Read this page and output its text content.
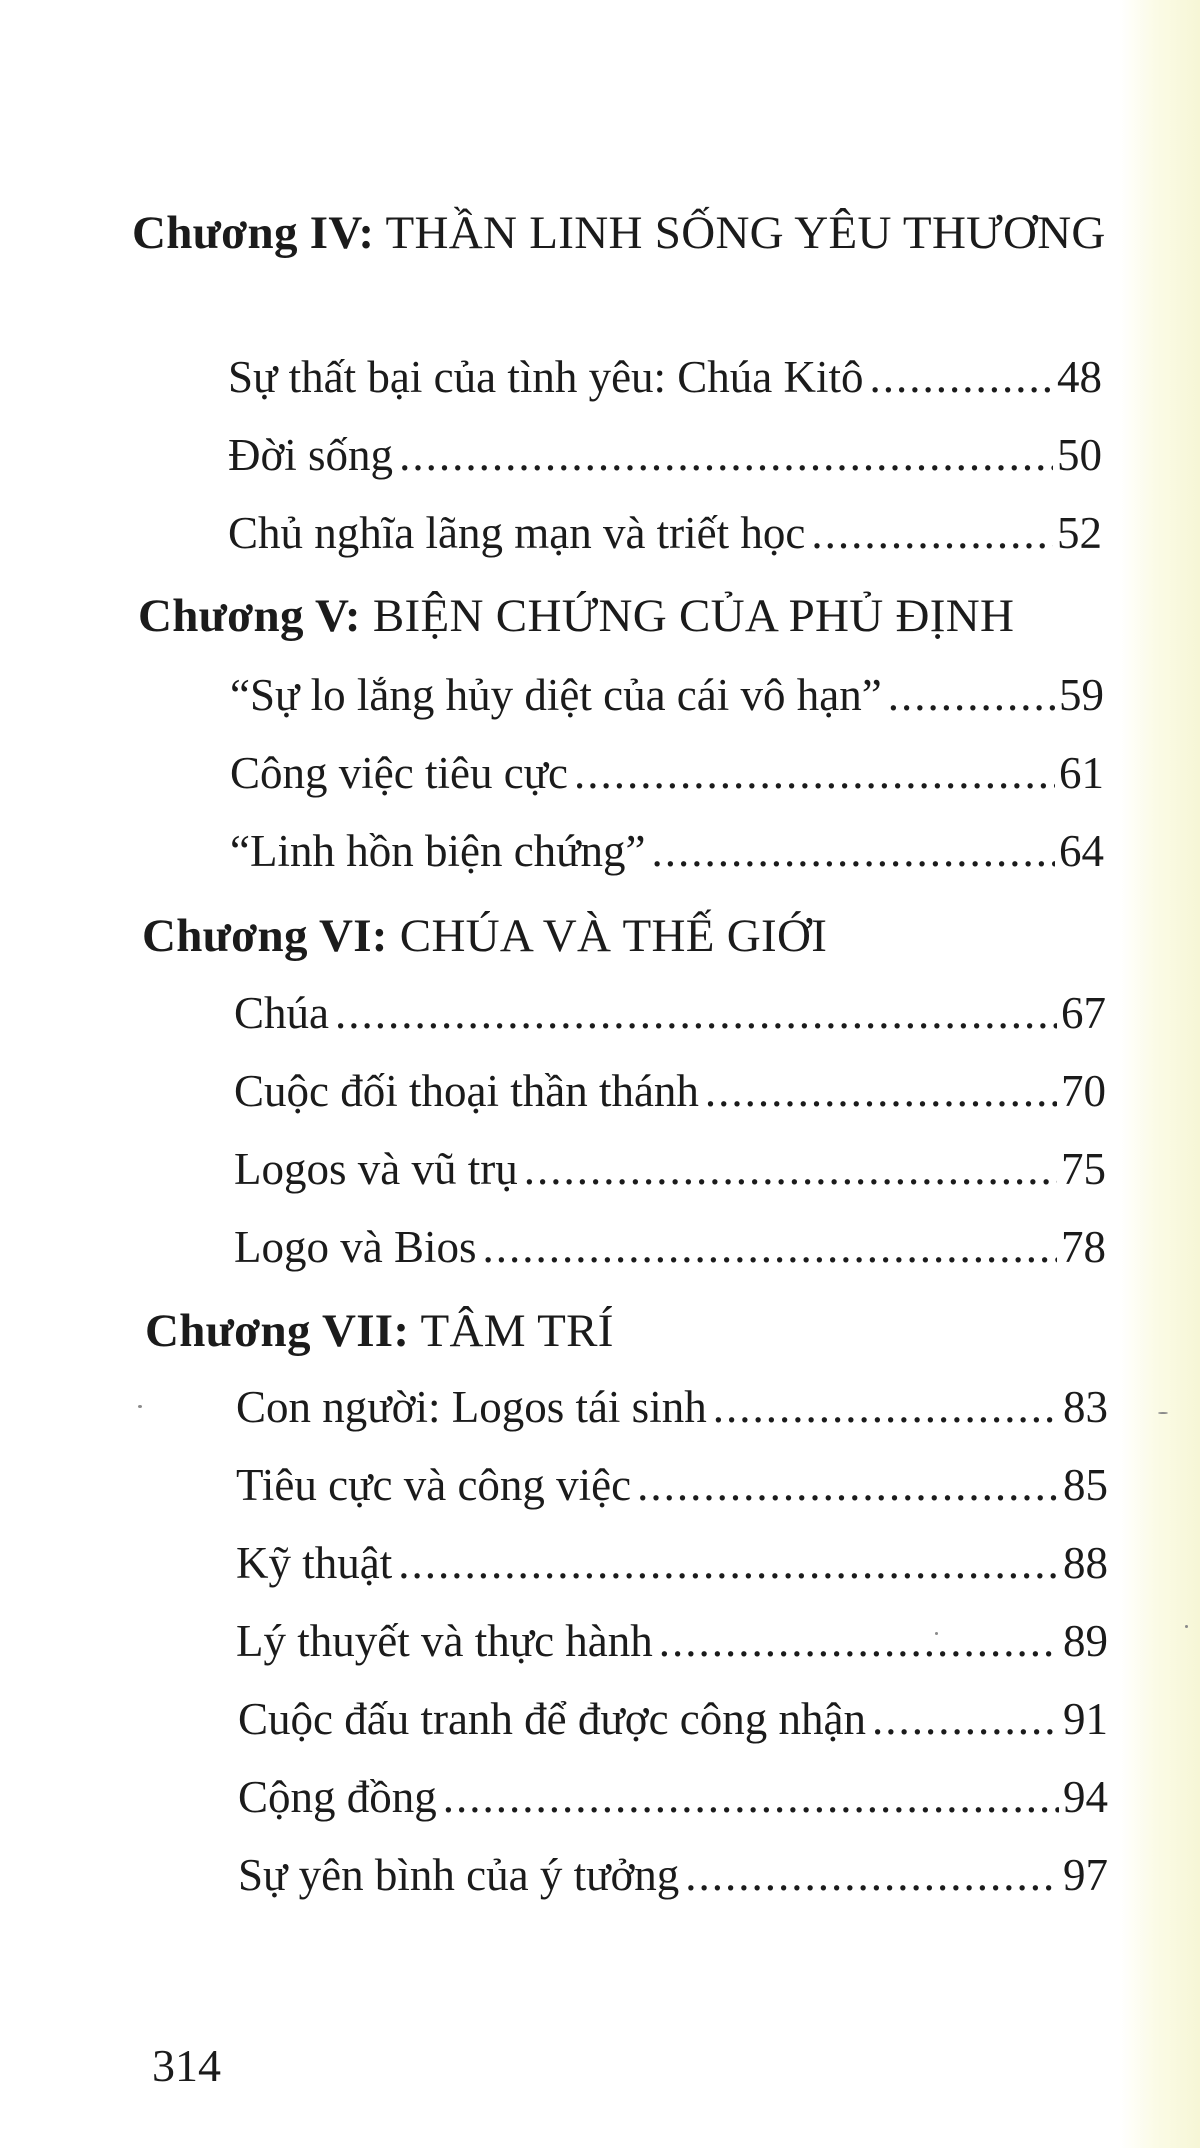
Chương IV: THẦN LINH SỐNG YÊU THƯƠNG
Sự thất bại của tình yêu: Chúa Kitô .....	48
Đời sống .....	50
Chủ nghĩa lãng mạn và triết học .....	52
Chương V: BIỆN CHỨNG CỦA PHỦ ĐỊNH
“Sự lo lắng hủy diệt của cái vô hạn” .....	59
Công việc tiêu cực .....	61
“Linh hồn biện chứng” .....	64
Chương VI: CHÚA VÀ THẾ GIỚI
Chúa .....	67
Cuộc đối thoại thần thánh .....	70
Logos và vũ trụ .....	75
Logo và Bios .....	78
Chương VII: TÂM TRÍ
Con người: Logos tái sinh .....	83
Tiêu cực và công việc .....	85
Kỹ thuật .....	88
Lý thuyết và thực hành .....	89
Cuộc đấu tranh để được công nhận .....	91
Cộng đồng .....	94
Sự yên bình của ý tưởng .....	97
314
